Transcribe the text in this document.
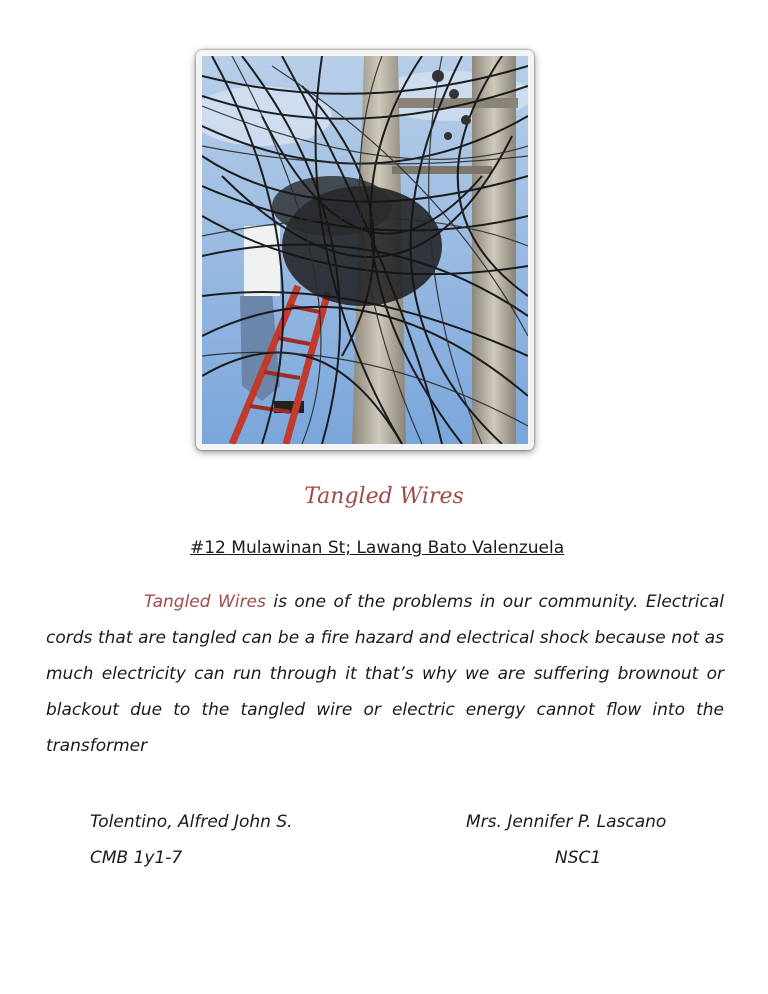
Tangled Wires
#12 Mulawinan St; Lawang Bato Valenzuela

Tangled Wires is one of the problems in our community. Electrical cords that are tangled can be a fire hazard and electrical shock because not as much electricity can run through it that’s why we are suffering brownout or blackout due to the tangled wire or electric energy cannot flow into the transformer

Tolentino, Alfred John S.
CMB 1y1-7
Mrs. Jennifer P. Lascano
NSC1
